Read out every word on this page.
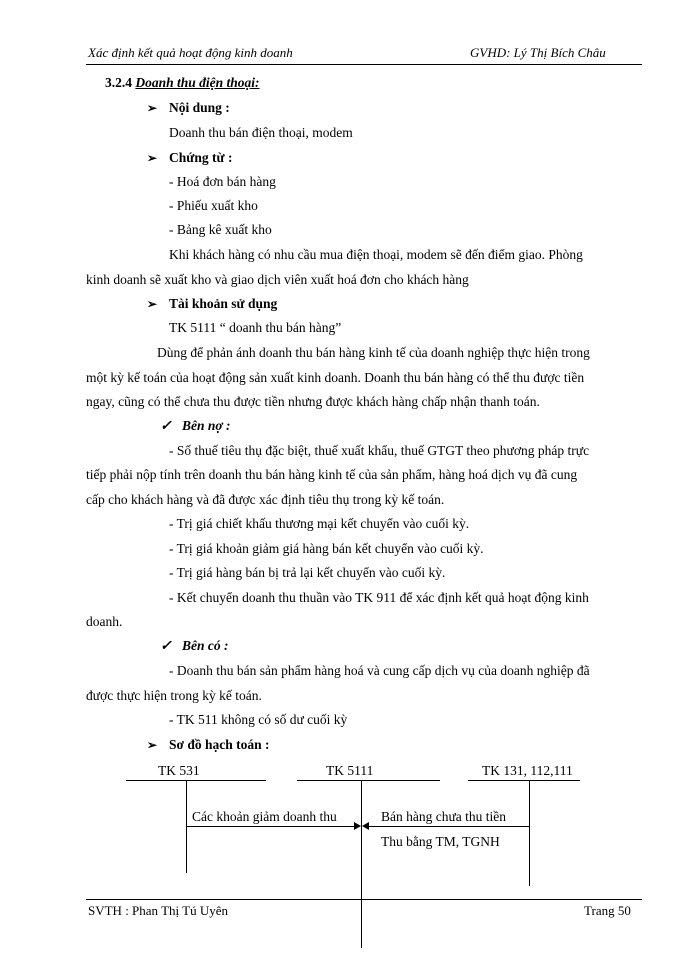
Xác định kết quả hoạt động kinh doanh	GVHD: Lý Thị Bích Châu
3.2.4 Doanh thu điện thoại:
➢ Nội dung :
Doanh thu bán điện thoại, modem
➢ Chứng từ :
- Hoá đơn bán hàng
- Phiếu xuất kho
- Bảng kê xuất kho
Khi khách hàng có nhu cầu mua điện thoại, modem sẽ đến điểm giao. Phòng
kinh doanh sẽ xuất kho và giao dịch viên xuất hoá đơn cho khách hàng
➢ Tài khoản sử dụng
TK 5111 “ doanh thu bán hàng”
Dùng để phản ánh doanh thu bán hàng kinh tế của doanh nghiệp thực hiện trong
một kỳ kế toán của hoạt động sản xuất kinh doanh. Doanh thu bán hàng có thể thu được tiền
ngay, cũng có thể chưa thu được tiền nhưng được khách hàng chấp nhận thanh toán.
✓ Bên nợ :
- Số thuế tiêu thụ đặc biệt, thuế xuất khẩu, thuế GTGT theo phương pháp trực
tiếp phải nộp tính trên doanh thu bán hàng kinh tế của sản phẩm, hàng hoá dịch vụ đã cung
cấp cho khách hàng và đã được xác định tiêu thụ trong kỳ kế toán.
- Trị giá chiết khấu thương mại kết chuyển vào cuối kỳ.
- Trị giá khoản giảm giá hàng bán kết chuyển vào cuối kỳ.
- Trị giá hàng bán bị trả lại kết chuyển vào cuối kỳ.
- Kết chuyển doanh thu thuần vào TK 911 để xác định kết quả hoạt động kinh
doanh.
✓ Bên có :
- Doanh thu bán sản phẩm hàng hoá và cung cấp dịch vụ của doanh nghiệp đã
được thực hiện trong kỳ kế toán.
- TK 511 không có số dư cuối kỳ
➢ Sơ đồ hạch toán :
TK 531	TK 5111	TK 131, 112,111
Các khoản giảm doanh thu	Bán hàng chưa thu tiền
Thu bằng TM, TGNH
SVTH : Phan Thị Tú Uyên	Trang 50
